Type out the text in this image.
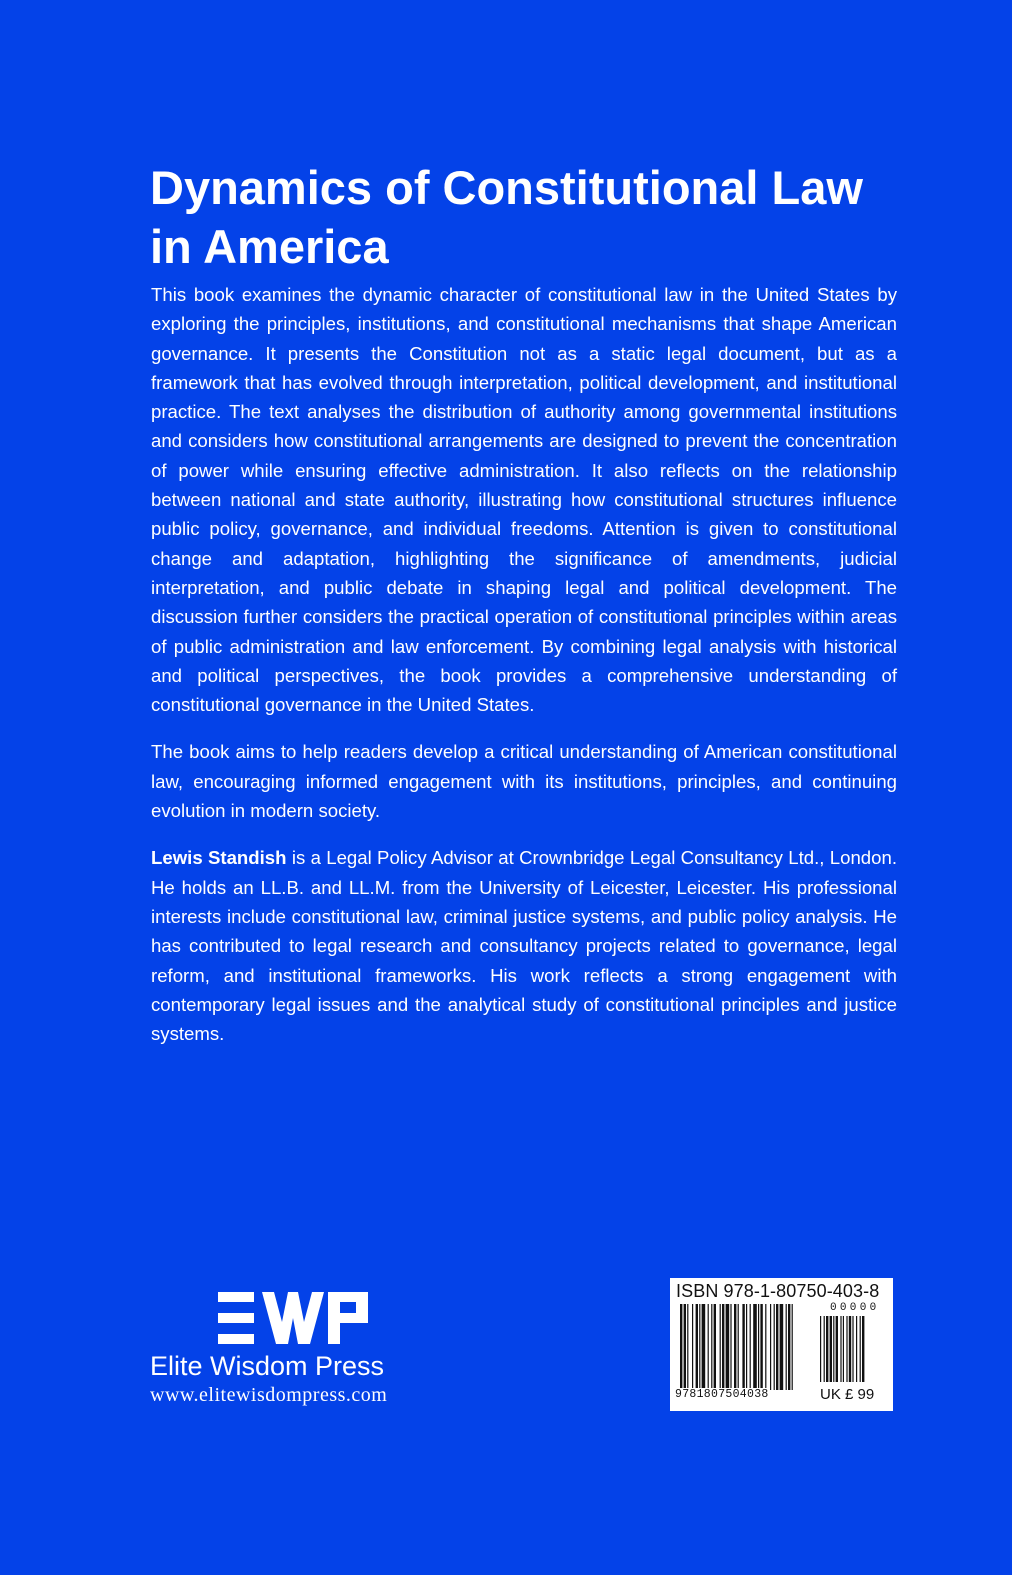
Dynamics of Constitutional Law
in America

This book examines the dynamic character of constitutional law in the United States by exploring the principles, institutions, and constitutional mechanisms that shape American governance. It presents the Constitution not as a static legal document, but as a framework that has evolved through interpretation, political development, and institutional practice. The text analyses the distribution of authority among governmental institutions and considers how constitutional arrangements are designed to prevent the concentration of power while ensuring effective administration. It also reflects on the relationship between national and state authority, illustrating how constitutional structures influence public policy, governance, and individual freedoms. Attention is given to constitutional change and adaptation, highlighting the significance of amendments, judicial interpretation, and public debate in shaping legal and political development. The discussion further considers the practical operation of constitutional principles within areas of public administration and law enforcement. By combining legal analysis with historical and political perspectives, the book provides a comprehensive understanding of constitutional governance in the United States.

The book aims to help readers develop a critical understanding of American constitutional law, encouraging informed engagement with its institutions, principles, and continuing evolution in modern society.

Lewis Standish is a Legal Policy Advisor at Crownbridge Legal Consultancy Ltd., London. He holds an LL.B. and LL.M. from the University of Leicester, Leicester. His professional interests include constitutional law, criminal justice systems, and public policy analysis. He has contributed to legal research and consultancy projects related to governance, legal reform, and institutional frameworks. His work reflects a strong engagement with contemporary legal issues and the analytical study of constitutional principles and justice systems.

Elite Wisdom Press
www.elitewisdompress.com
ISBN 978-1-80750-403-8
00000
9781807504038	UK £ 99
